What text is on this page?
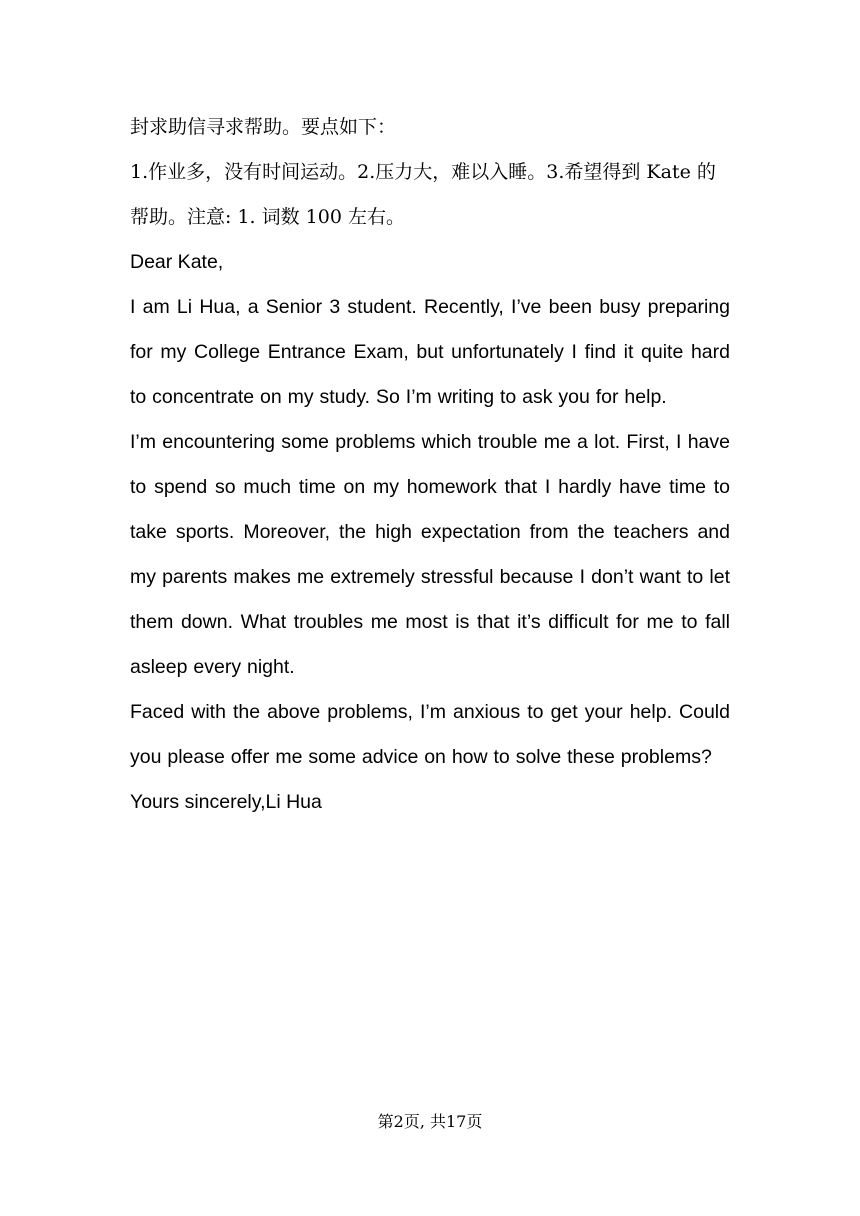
封求助信寻求帮助。要点如下：

1.作业多，没有时间运动。2.压力大，难以入睡。3.希望得到 Kate 的

帮助。注意: 1. 词数 100 左右。

Dear Kate,

I am Li Hua, a Senior 3 student. Recently, I’ve been busy preparing for my College Entrance Exam, but unfortunately I find it quite hard to concentrate on my study. So I’m writing to ask you for help.

I’m encountering some problems which trouble me a lot. First, I have to spend so much time on my homework that I hardly have time to take sports. Moreover, the high expectation from the teachers and my parents makes me extremely stressful because I don’t want to let them down. What troubles me most is that it’s difficult for me to fall asleep every night.

Faced with the above problems, I’m anxious to get your help. Could you please offer me some advice on how to solve these problems?

Yours sincerely,Li Hua

第2页, 共17页
